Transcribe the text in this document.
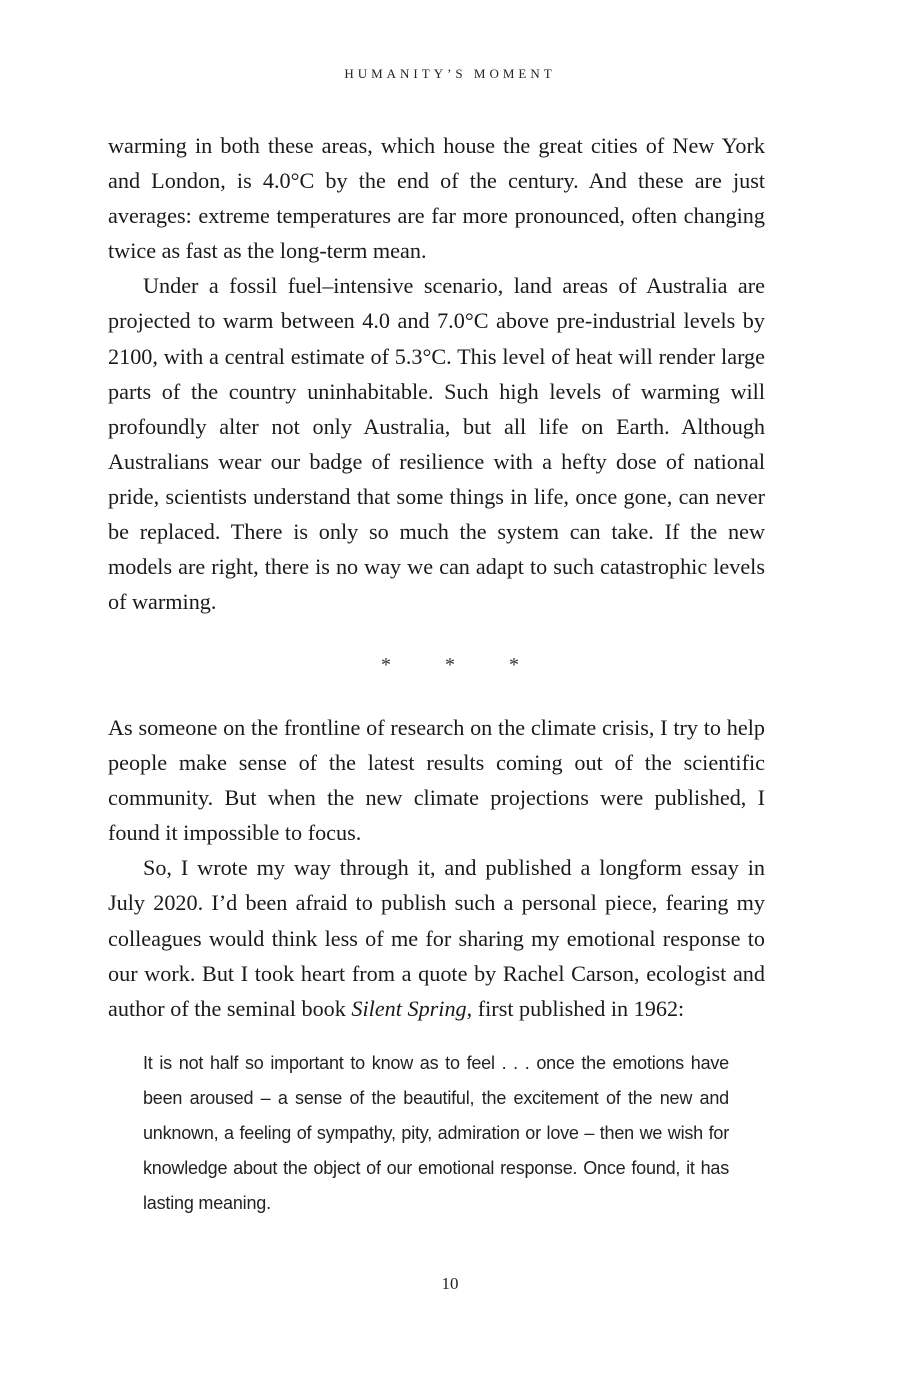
HUMANITY’S MOMENT

warming in both these areas, which house the great cities of New York and London, is 4.0°C by the end of the century. And these are just averages: extreme temperatures are far more pronounced, often changing twice as fast as the long-term mean.

Under a fossil fuel–intensive scenario, land areas of Australia are projected to warm between 4.0 and 7.0°C above pre-industrial levels by 2100, with a central estimate of 5.3°C. This level of heat will render large parts of the country uninhabitable. Such high levels of warming will profoundly alter not only Australia, but all life on Earth. Although Australians wear our badge of resilience with a hefty dose of national pride, scientists understand that some things in life, once gone, can never be replaced. There is only so much the system can take. If the new models are right, there is no way we can adapt to such catastrophic levels of warming.

*	*	*

As someone on the frontline of research on the climate crisis, I try to help people make sense of the latest results coming out of the scientific community. But when the new climate projections were published, I found it impossible to focus.

So, I wrote my way through it, and published a longform essay in July 2020. I’d been afraid to publish such a personal piece, fearing my colleagues would think less of me for sharing my emotional response to our work. But I took heart from a quote by Rachel Carson, ecologist and author of the seminal book Silent Spring, first published in 1962:

It is not half so important to know as to feel . . . once the emotions have been aroused – a sense of the beautiful, the excitement of the new and unknown, a feeling of sympathy, pity, admiration or love – then we wish for knowledge about the object of our emotional response. Once found, it has lasting meaning.

10
